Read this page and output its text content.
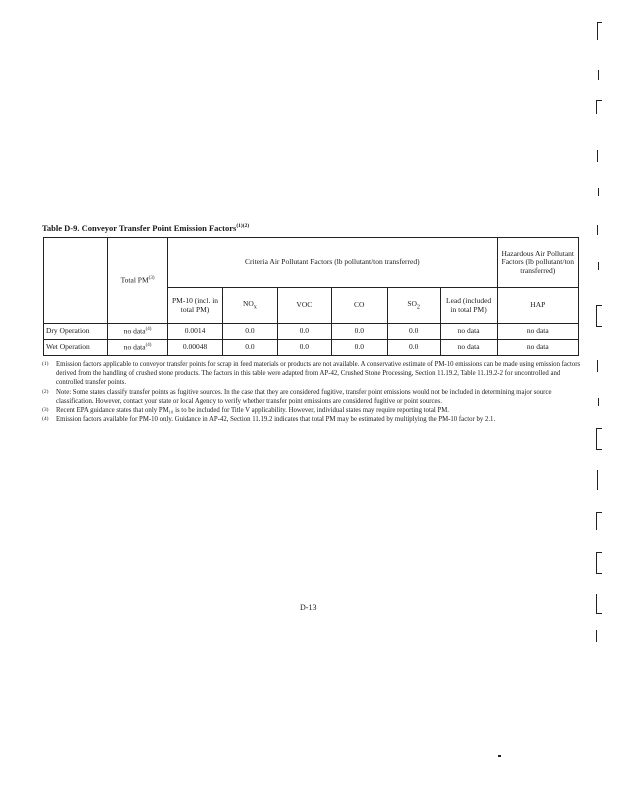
Table D-9. Conveyor Transfer Point Emission Factors$^{(1)(2)}$
	Total PM$^{(3)}$	Criteria Air Pollutant Factors (lb pollutant/ton transferred)						Hazardous Air Pollutant Factors (lb pollutant/ton transferred)
		PM-10 (incl. in total PM)	$NO_x$	VOC	CO	$SO_2$	Lead (included in total PM)	HAP
Dry Operation	no data$^{(4)}$	0.0014	0.0	0.0	0.0	0.0	no data	no data
Wet Operation	no data$^{(4)}$	0.00048	0.0	0.0	0.0	0.0	no data	no data
(1)	Emission factors applicable to conveyor transfer points for scrap in feed materials or products are not available. A conservative estimate of PM-10 emissions can be made using emission factors derived from the handling of crushed stone products. The factors in this table were adapted from AP-42, Crushed Stone Processing, Section 11.19.2, Table 11.19.2-2 for uncontrolled and controlled transfer points.
(2)	Note: Some states classify transfer points as fugitive sources. In the case that they are considered fugitive, transfer point emissions would not be included in determining major source classification. However, contact your state or local Agency to verify whether transfer point emissions are considered fugitive or point sources.
(3)	Recent EPA guidance states that only PM₁₀ is to be included for Title V applicability. However, individual states may require reporting total PM.
(4)	Emission factors available for PM-10 only. Guidance in AP-42, Section 11.19.2 indicates that total PM may be estimated by multiplying the PM-10 factor by 2.1.
D-13
